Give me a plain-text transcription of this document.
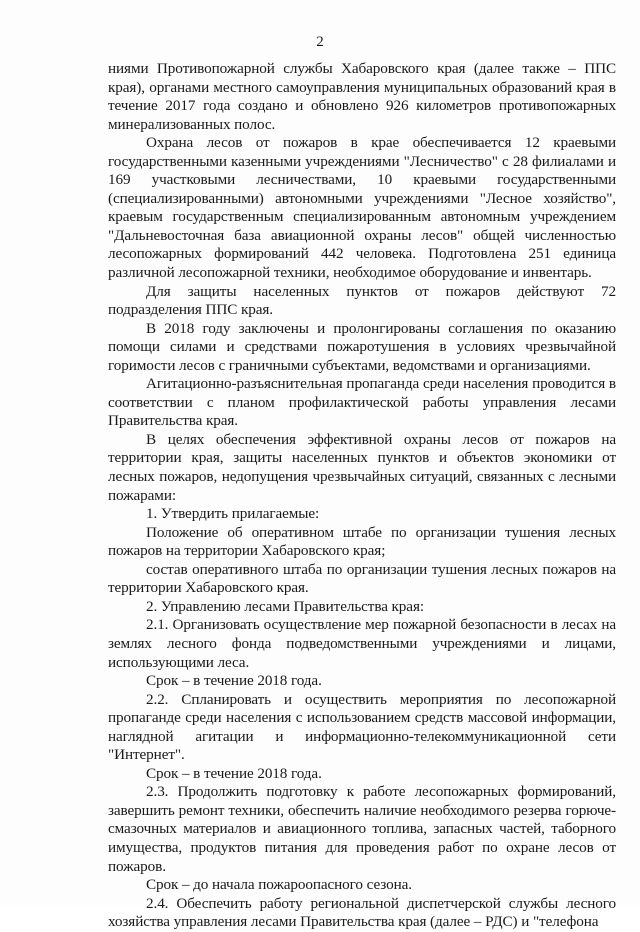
2

ниями Противопожарной службы Хабаровского края (далее также – ППС края), органами местного самоуправления муниципальных образований края в течение 2017 года создано и обновлено 926 километров противопожарных минерализованных полос.

Охрана лесов от пожаров в крае обеспечивается 12 краевыми государственными казенными учреждениями "Лесничество" с 28 филиалами и 169 участковыми лесничествами, 10 краевыми государственными (специализированными) автономными учреждениями "Лесное хозяйство", краевым государственным специализированным автономным учреждением "Дальневосточная база авиационной охраны лесов" общей численностью лесопожарных формирований 442 человека. Подготовлена 251 единица различной лесопожарной техники, необходимое оборудование и инвентарь.

Для защиты населенных пунктов от пожаров действуют 72 подразделения ППС края.

В 2018 году заключены и пролонгированы соглашения по оказанию помощи силами и средствами пожаротушения в условиях чрезвычайной горимости лесов с граничными субъектами, ведомствами и организациями.

Агитационно-разъяснительная пропаганда среди населения проводится в соответствии с планом профилактической работы управления лесами Правительства края.

В целях обеспечения эффективной охраны лесов от пожаров на территории края, защиты населенных пунктов и объектов экономики от лесных пожаров, недопущения чрезвычайных ситуаций, связанных с лесными пожарами:

1. Утвердить прилагаемые:

Положение об оперативном штабе по организации тушения лесных пожаров на территории Хабаровского края;

состав оперативного штаба по организации тушения лесных пожаров на территории Хабаровского края.

2. Управлению лесами Правительства края:

2.1. Организовать осуществление мер пожарной безопасности в лесах на землях лесного фонда подведомственными учреждениями и лицами, использующими леса.

Срок – в течение 2018 года.

2.2. Спланировать и осуществить мероприятия по лесопожарной пропаганде среди населения с использованием средств массовой информации, наглядной агитации и информационно-телекоммуникационной сети "Интернет".

Срок – в течение 2018 года.

2.3. Продолжить подготовку к работе лесопожарных формирований, завершить ремонт техники, обеспечить наличие необходимого резерва горюче-смазочных материалов и авиационного топлива, запасных частей, таборного имущества, продуктов питания для проведения работ по охране лесов от пожаров.

Срок – до начала пожароопасного сезона.

2.4. Обеспечить работу региональной диспетчерской службы лесного хозяйства управления лесами Правительства края (далее – РДС) и "телефона
